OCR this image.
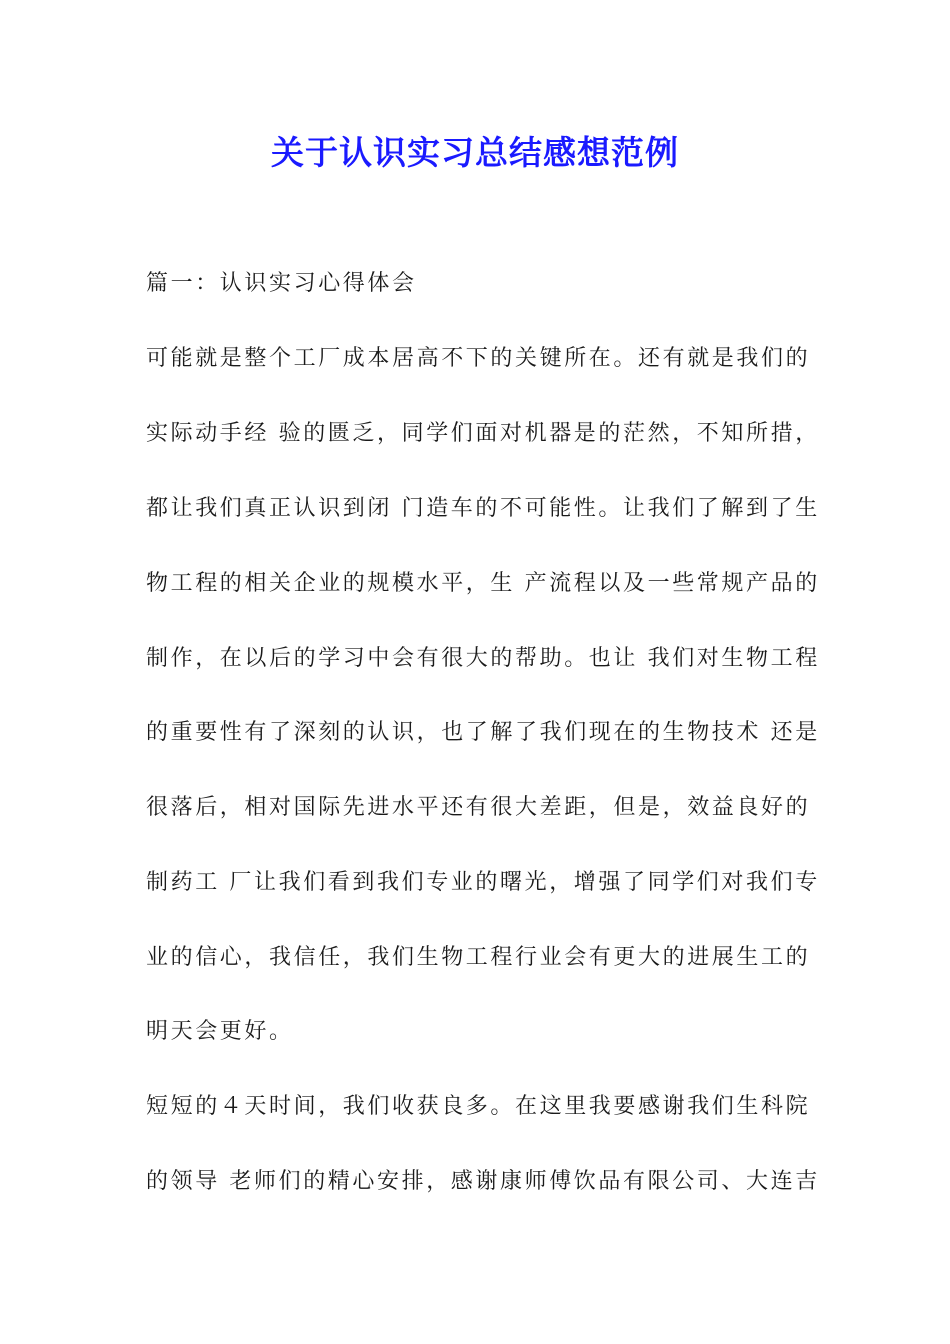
关于认识实习总结感想范例
篇一：认识实习心得体会
可能就是整个工厂成本居高不下的关键所在。还有就是我们的
实际动手经 验的匮乏，同学们面对机器是的茫然，不知所措，
都让我们真正认识到闭 门造车的不可能性。让我们了解到了生
物工程的相关企业的规模水平，生 产流程以及一些常规产品的
制作，在以后的学习中会有很大的帮助。也让 我们对生物工程
的重要性有了深刻的认识，也了解了我们现在的生物技术 还是
很落后，相对国际先进水平还有很大差距，但是，效益良好的
制药工 厂让我们看到我们专业的曙光，增强了同学们对我们专
业的信心，我信任，我们生物工程行业会有更大的进展生工的
明天会更好。
短短的４天时间，我们收获良多。在这里我要感谢我们生科院
的领导 老师们的精心安排，感谢康师傅饮品有限公司、大连吉
